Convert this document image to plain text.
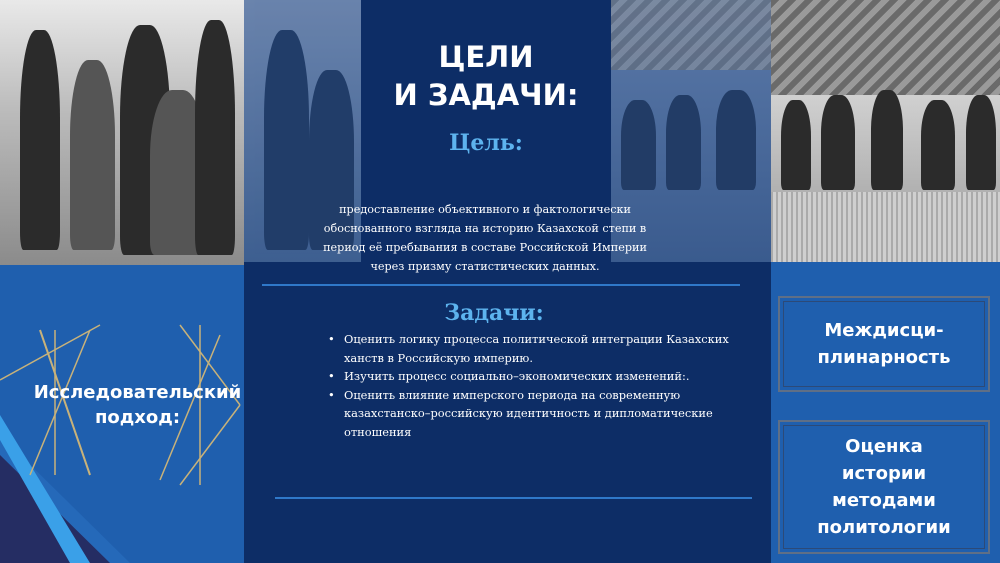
ЦЕЛИ
И ЗАДАЧИ:
Цель:
предоставление объективного и фактологически обоснованного взгляда на историю Казахской степи в период её пребывания в составе Российской Империи через призму статистических данных.
Задачи:
• Оценить логику процесса политической интеграции Казахских ханств в Российскую империю.
• Изучить процесс социально–экономических изменений:.
• Оценить влияние имперского периода на современную казахстанско–российскую идентичность и дипломатические отношения
Исследовательский подход:
Междисци-плинарность
Оценка истории методами политологии
